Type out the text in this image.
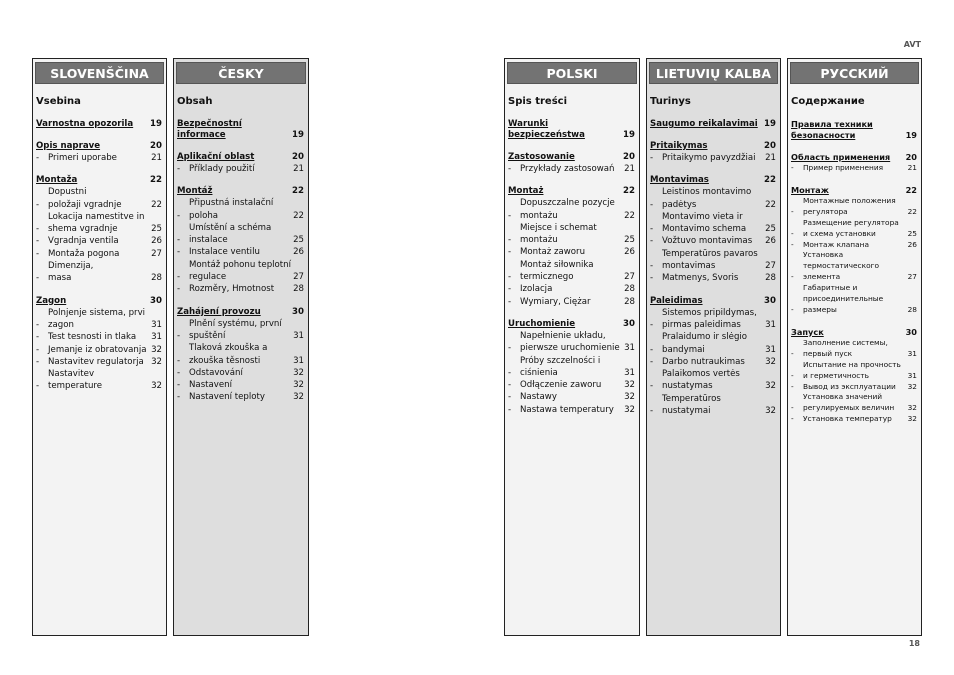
AVT
SLOVENŠČINA
Vsebina
Varnostna opozorila 19
Opis naprave	20
-	Primeri uporabe	21
Montaža	22
-
Dopustni
položaji vgradnje	22
-
Lokacija namestitve in
shema vgradnje	25
-	Vgradnja ventila	26
-	Montaža pogona	27
-
Dimenzija,
masa	28
Zagon	30
-
Polnjenje sistema, prvi
zagon	31
-	Test tesnosti in tlaka	31
-	Jemanje iz obratovanja 32
-	Nastavitev regulatorja 32
-
Nastavitev temperature	32
ČESKY
Obsah
Bezpečnostní informace	19
Aplikační oblast	20
-	Příklady použití	21
Montáž	22
-
Připustná instalační
poloha	22
-
Umístění a schéma
instalace	25
-	Instalace ventilu	26
-
Montáž pohonu teplotní
regulace	27
-	Rozměry, Hmotnost	28
Zahájení provozu	30
-
Plnění systému, první
spuštění	31
-
Tlaková zkouška a
zkouška těsnosti	31
-	Odstavování	32
-	Nastavení	32
-	Nastavení teploty	32
POLSKI
Spis treści
Warunki bezpieczeństwa	19
Zastosowanie	20
-	Przykłady zastosowań	21
Montaż	22
-
Dopuszczalne pozycje
montażu	22
-
Miejsce i schemat
montażu	25
-	Montaż zaworu	26
-
Montaż siłownika
termicznego	27
-	Izolacja	28
-	Wymiary, Ciężar	28
Uruchomienie	30
-
Napełnienie układu,
pierwsze uruchomienie 31
-
Próby szczelności i
ciśnienia	31
-	Odłączenie zaworu	32
-	Nastawy	32
-	Nastawa temperatury	32
LIETUVIŲ KALBA
Turinys
Saugumo reikalavimai 19
Pritaikymas	20
-	Pritaikymo pavyzdžiai	21
Montavimas	22
-
Leistinos montavimo
padėtys	22
-
Montavimo vieta ir
Montavimo schema	25
-	Vožtuvo montavimas	26
-
Temperatūros pavaros
montavimas	27
-	Matmenys, Svoris	28
Paleidimas	30
-
Sistemos pripildymas,
pirmas paleidimas	31
-
Pralaidumo ir slėgio
bandymai	31
-	Darbo nutraukimas	32
-
Palaikomos vertės
nustatymas	32
-
Temperatūros
nustatymai	32
РУССКИЙ
Содержание
Правила техники
безопасности	19
Область применения 20
-	Пример применения	21
Монтаж	22
-
Монтажные положения
регулятора	22
-
Размещение регулятора
и схема установки	25
-	Монтаж клапана	26
-
Установка
термостатического
элемента	27
-
Габаритные и
присоединительные
размеры	28
Запуск	30
-
Заполнение системы,
первый пуск	31
-
Испытание на прочность
и герметичность	31
-	Вывод из эксплуатации	32
-
Установка значений
регулируемых величин	32
-	Установка температур	32
18
